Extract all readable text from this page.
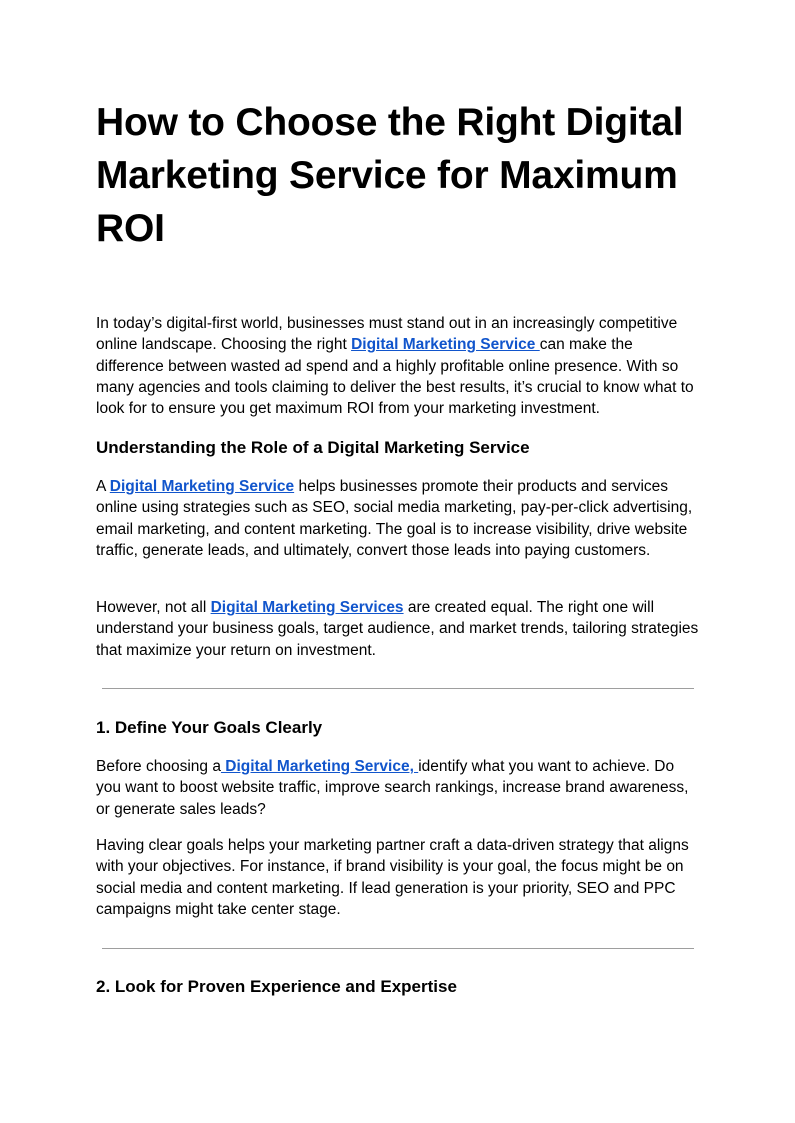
How to Choose the Right Digital Marketing Service for Maximum ROI

In today’s digital-first world, businesses must stand out in an increasingly competitive online landscape. Choosing the right Digital Marketing Service can make the difference between wasted ad spend and a highly profitable online presence. With so many agencies and tools claiming to deliver the best results, it’s crucial to know what to look for to ensure you get maximum ROI from your marketing investment.

Understanding the Role of a Digital Marketing Service

A Digital Marketing Service helps businesses promote their products and services online using strategies such as SEO, social media marketing, pay-per-click advertising, email marketing, and content marketing. The goal is to increase visibility, drive website traffic, generate leads, and ultimately, convert those leads into paying customers.

However, not all Digital Marketing Services are created equal. The right one will understand your business goals, target audience, and market trends, tailoring strategies that maximize your return on investment.

1. Define Your Goals Clearly

Before choosing a Digital Marketing Service, identify what you want to achieve. Do you want to boost website traffic, improve search rankings, increase brand awareness, or generate sales leads?

Having clear goals helps your marketing partner craft a data-driven strategy that aligns with your objectives. For instance, if brand visibility is your goal, the focus might be on social media and content marketing. If lead generation is your priority, SEO and PPC campaigns might take center stage.

2. Look for Proven Experience and Expertise
